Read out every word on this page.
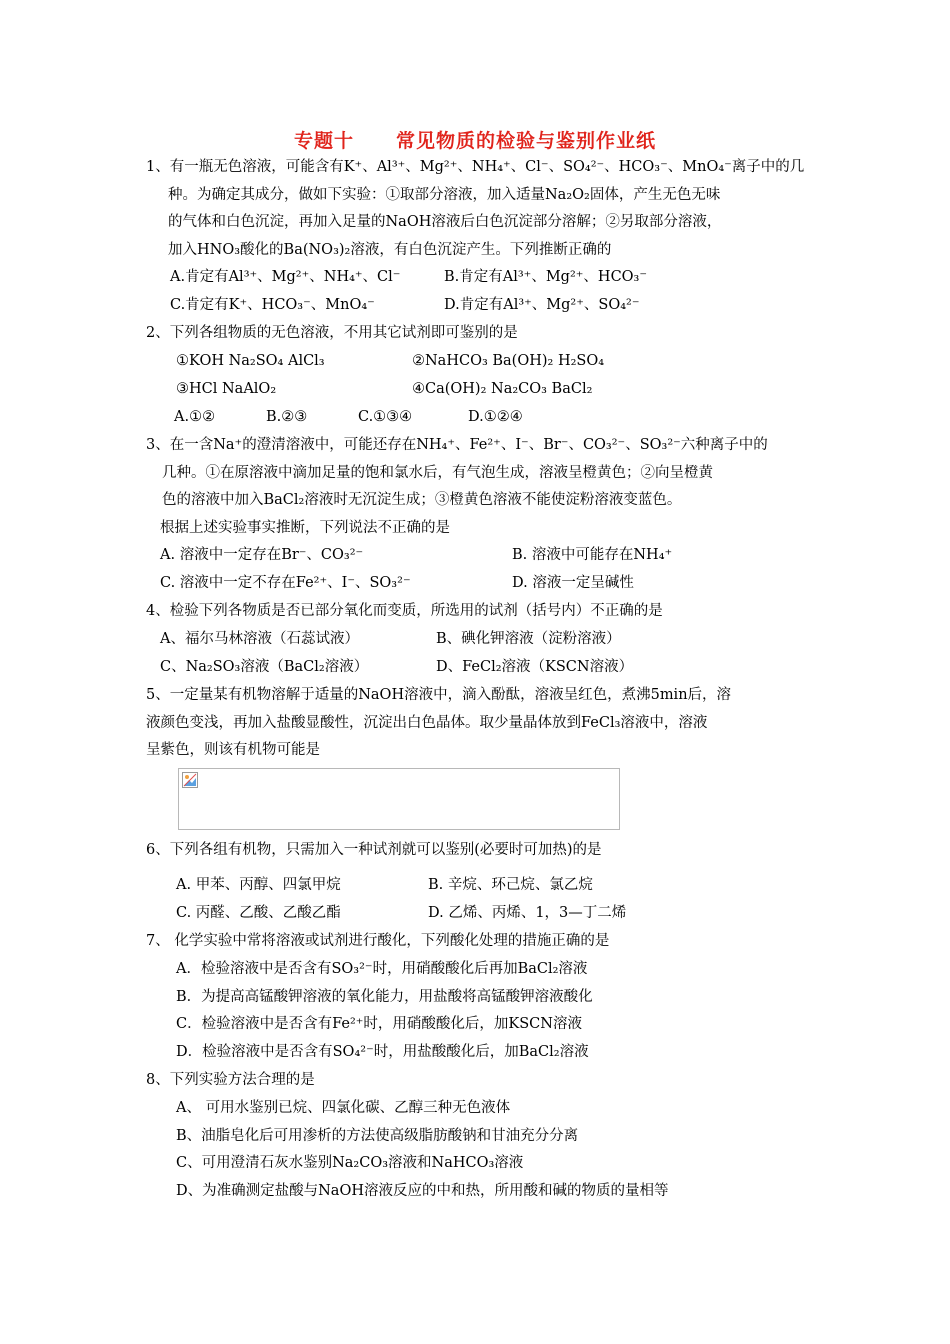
专题十 常见物质的检验与鉴别作业纸
1、有一瓶无色溶液，可能含有K⁺、Al³⁺、Mg²⁺、NH₄⁺、Cl⁻、SO₄²⁻、HCO₃⁻、MnO₄⁻离子中的几
种。为确定其成分，做如下实验：①取部分溶液，加入适量Na₂O₂固体，产生无色无味
的气体和白色沉淀，再加入足量的NaOH溶液后白色沉淀部分溶解；②另取部分溶液，
加入HNO₃酸化的Ba(NO₃)₂溶液，有白色沉淀产生。下列推断正确的
A.肯定有Al³⁺、Mg²⁺、NH₄⁺、Cl⁻	B.肯定有Al³⁺、Mg²⁺、HCO₃⁻
C.肯定有K⁺、HCO₃⁻、MnO₄⁻	D.肯定有Al³⁺、Mg²⁺、SO₄²⁻
2、下列各组物质的无色溶液，不用其它试剂即可鉴别的是
①KOH Na₂SO₄ AlCl₃	②NaHCO₃ Ba(OH)₂ H₂SO₄
③HCl NaAlO₂	④Ca(OH)₂ Na₂CO₃ BaCl₂
A.①②	B.②③	C.①③④	D.①②④
3、在一含Na⁺的澄清溶液中，可能还存在NH₄⁺、Fe²⁺、I⁻、Br⁻、CO₃²⁻、SO₃²⁻六种离子中的
几种。①在原溶液中滴加足量的饱和氯水后，有气泡生成，溶液呈橙黄色；②向呈橙黄
色的溶液中加入BaCl₂溶液时无沉淀生成；③橙黄色溶液不能使淀粉溶液变蓝色。
根据上述实验事实推断，下列说法不正确的是
A. 溶液中一定存在Br⁻、CO₃²⁻	B. 溶液中可能存在NH₄⁺
C. 溶液中一定不存在Fe²⁺、I⁻、SO₃²⁻	D. 溶液一定呈碱性
4、检验下列各物质是否已部分氧化而变质，所选用的试剂（括号内）不正确的是
A、福尔马林溶液（石蕊试液）	B、碘化钾溶液（淀粉溶液）
C、Na₂SO₃溶液（BaCl₂溶液）	D、FeCl₂溶液（KSCN溶液）
5、一定量某有机物溶解于适量的NaOH溶液中，滴入酚酞，溶液呈红色，煮沸5min后，溶
液颜色变浅，再加入盐酸显酸性，沉淀出白色晶体。取少量晶体放到FeCl₃溶液中，溶液
呈紫色，则该有机物可能是
6、下列各组有机物，只需加入一种试剂就可以鉴别(必要时可加热)的是
A. 甲苯、丙醇、四氯甲烷	B. 辛烷、环己烷、氯乙烷
C. 丙醛、乙酸、乙酸乙酯	D. 乙烯、丙烯、1，3—丁二烯
7、 化学实验中常将溶液或试剂进行酸化，下列酸化处理的措施正确的是
A．检验溶液中是否含有SO₃²⁻时，用硝酸酸化后再加BaCl₂溶液
B．为提高高锰酸钾溶液的氧化能力，用盐酸将高锰酸钾溶液酸化
C．检验溶液中是否含有Fe²⁺时，用硝酸酸化后，加KSCN溶液
D．检验溶液中是否含有SO₄²⁻时，用盐酸酸化后，加BaCl₂溶液
8、下列实验方法合理的是
A、 可用水鉴别已烷、四氯化碳、乙醇三种无色液体
B、油脂皂化后可用渗析的方法使高级脂肪酸钠和甘油充分分离
C、可用澄清石灰水鉴别Na₂CO₃溶液和NaHCO₃溶液
D、为准确测定盐酸与NaOH溶液反应的中和热，所用酸和碱的物质的量相等
